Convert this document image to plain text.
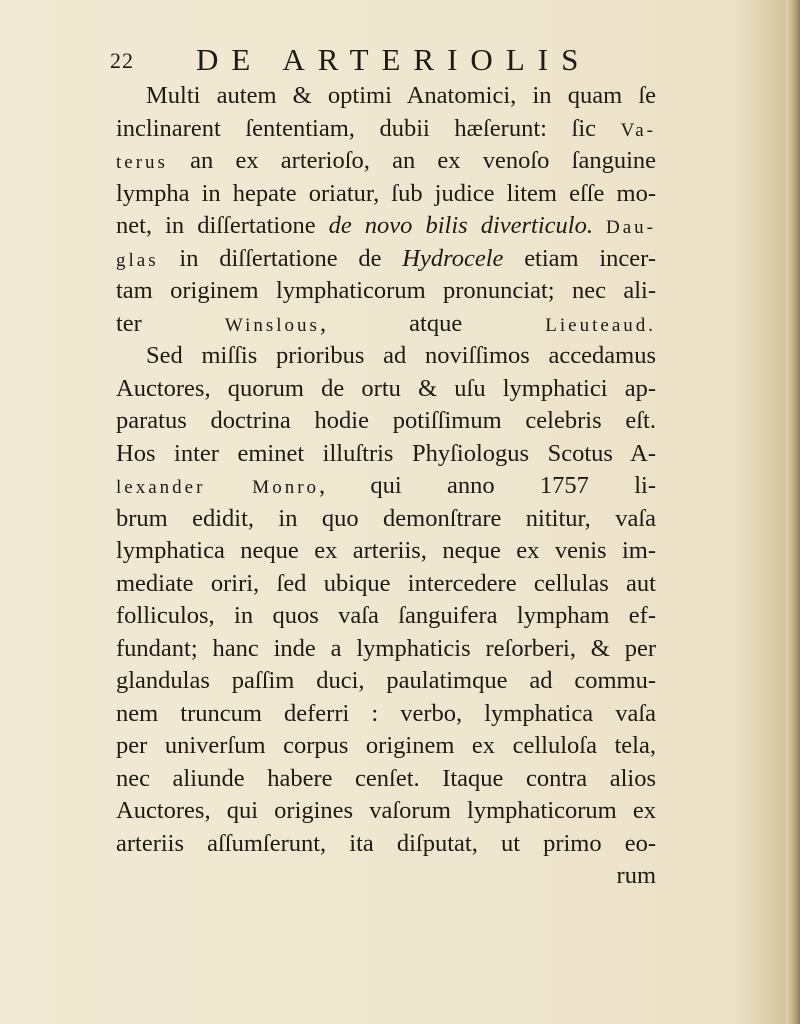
22 DE ARTERIOLIS
Multi autem & optimi Anatomici, in quam ſe
inclinarent ſententiam, dubii hæſerunt: ſic Va-
terus an ex arterioſo, an ex venoſo ſanguine
lympha in hepate oriatur, ſub judice litem eſſe mo-
net, in diſſertatione de novo bilis diverticulo. Dau-
glas in diſſertatione de Hydrocele etiam incer-
tam originem lymphaticorum pronunciat; nec ali-
ter	Winslous, atque	Lieuteaud.
Sed miſſis prioribus ad noviſſimos accedamus
Auctores, quorum de ortu & uſu lymphatici ap-
paratus doctrina hodie potiſſimum celebris eſt.
Hos inter eminet illuſtris Phyſiologus Scotus A-
lexander Monro, qui anno 1757 li-
brum edidit, in quo demonſtrare nititur, vaſa
lymphatica neque ex arteriis, neque ex venis im-
mediate oriri, ſed ubique intercedere cellulas aut
folliculos, in quos vaſa ſanguifera lympham ef-
fundant; hanc inde a lymphaticis reſorberi, & per
glandulas paſſim duci, paulatimque ad commu-
nem truncum deferri : verbo, lymphatica vaſa
per univerſum corpus originem ex celluloſa tela,
nec aliunde habere cenſet. Itaque contra alios
Auctores, qui origines vaſorum lymphaticorum ex
arteriis aſſumſerunt, ita diſputat, ut primo eo-
rum
